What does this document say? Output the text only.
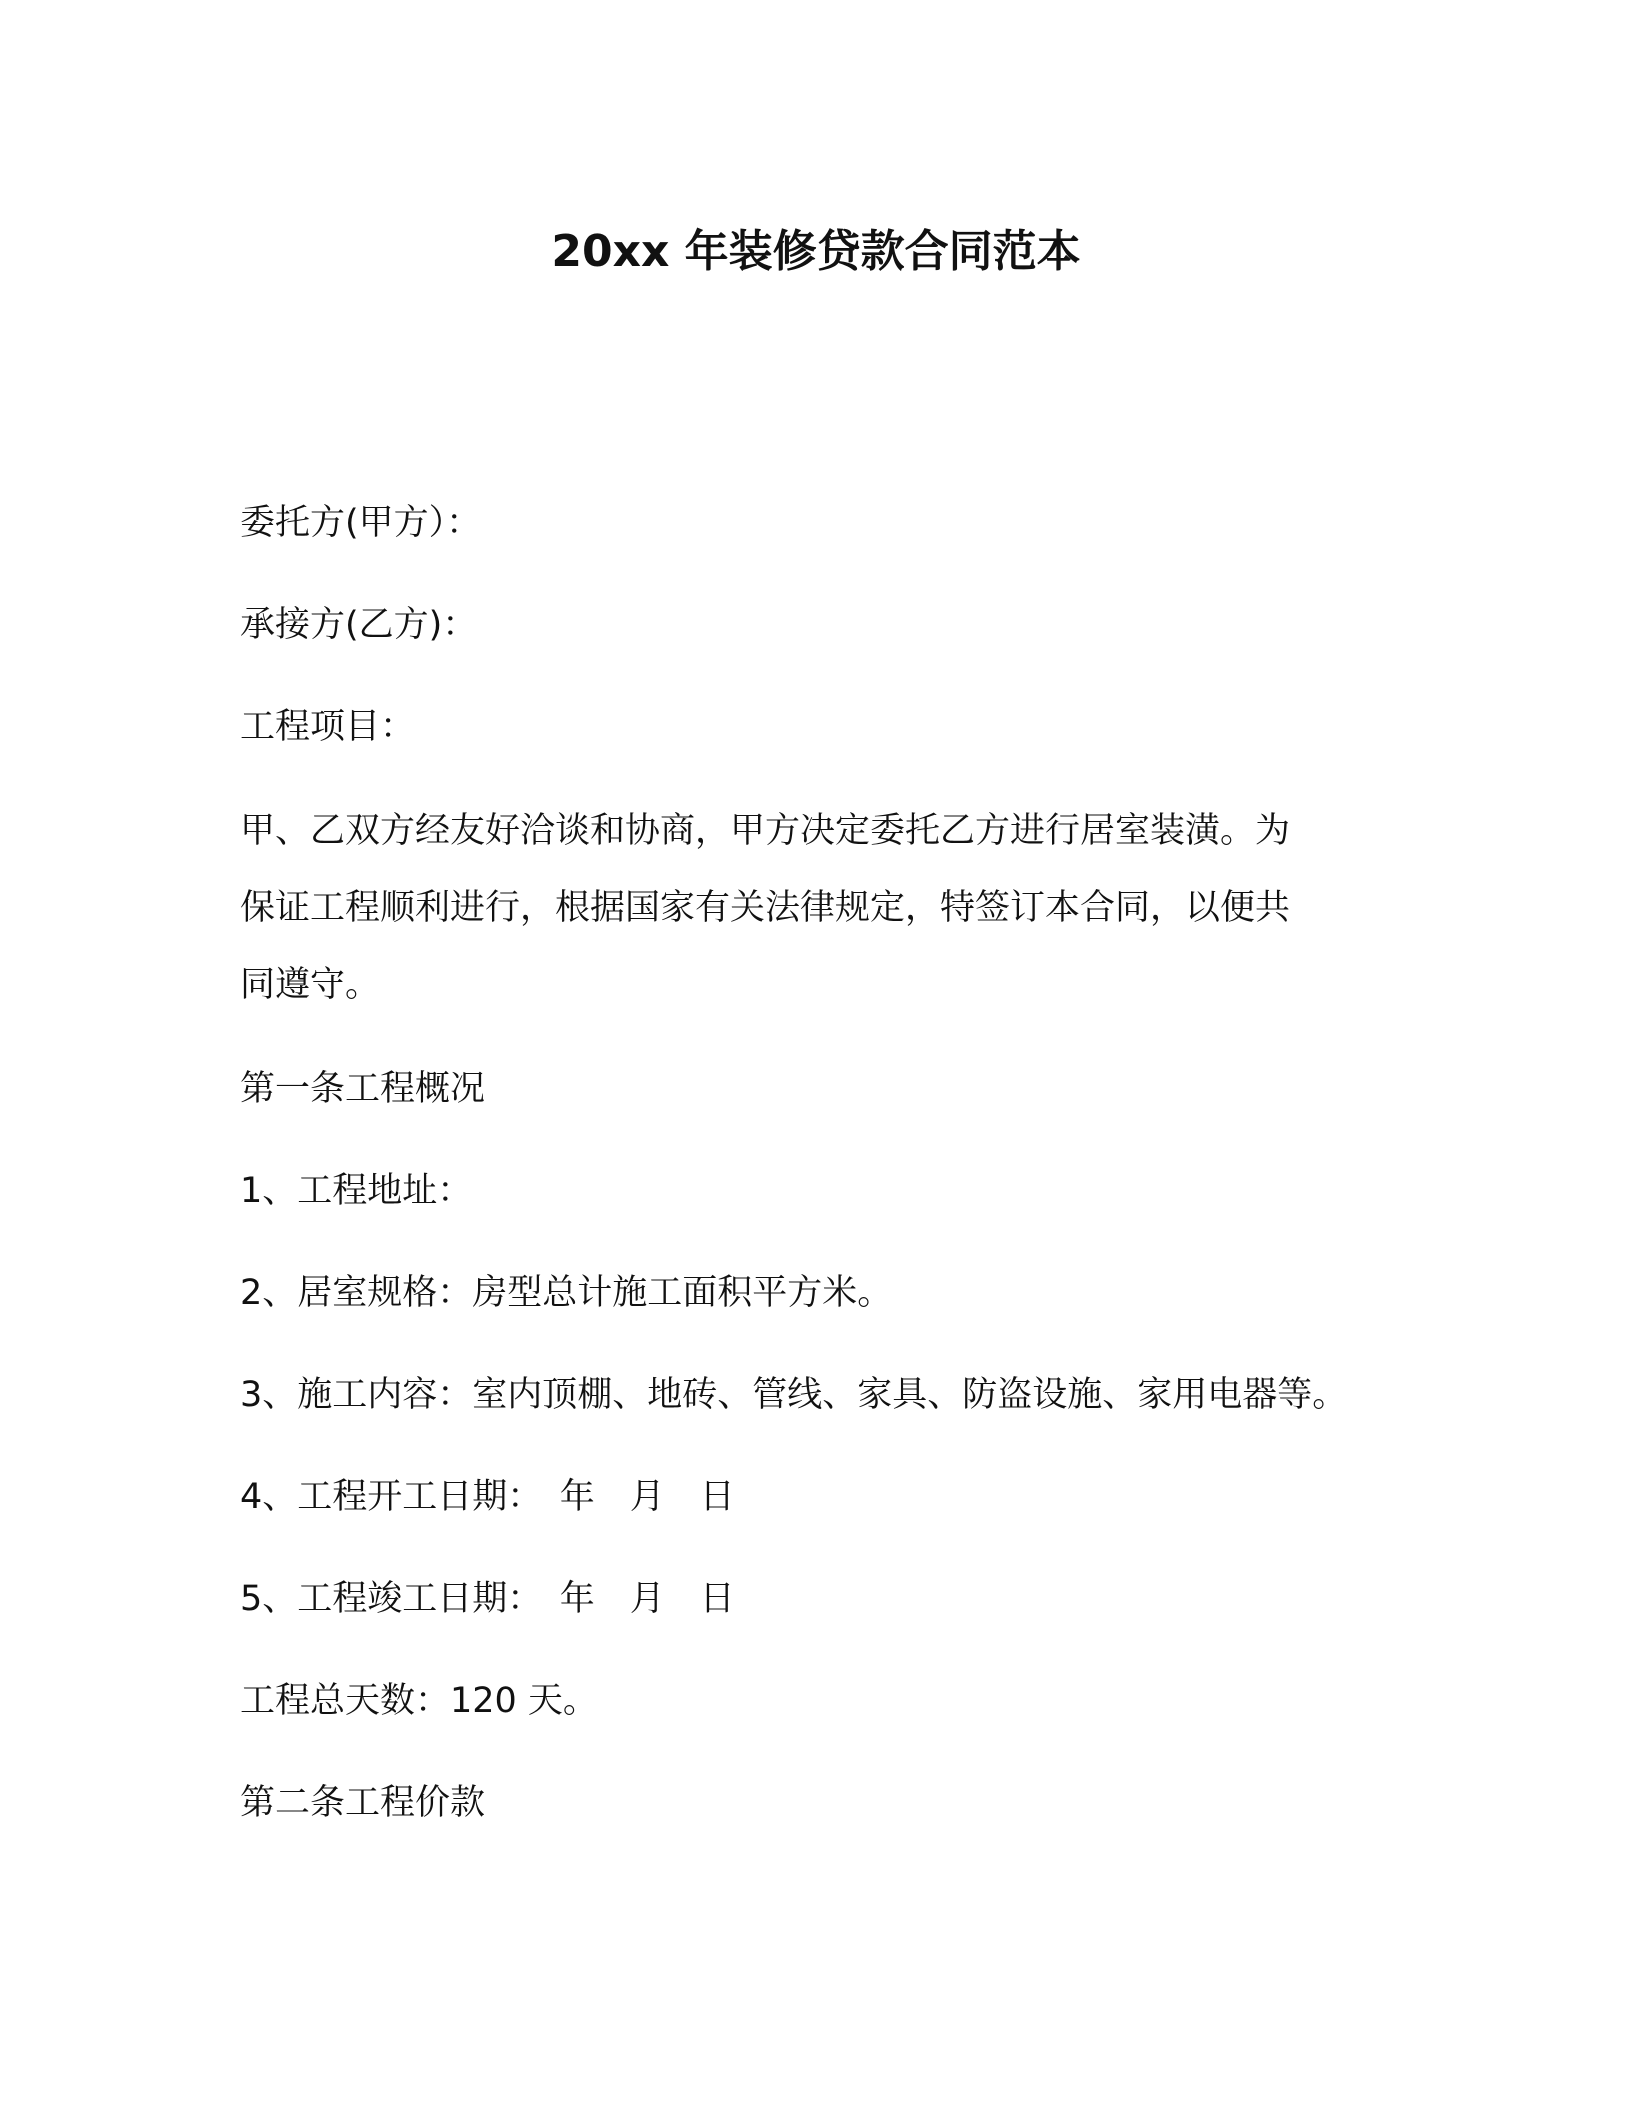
20xx 年装修贷款合同范本
委托方(甲方）：
承接方(乙方)：
工程项目：
甲、乙双方经友好洽谈和协商，甲方决定委托乙方进行居室装潢。为
保证工程顺利进行，根据国家有关法律规定，特签订本合同，以便共
同遵守。
第一条工程概况
1、工程地址：
2、居室规格：房型总计施工面积平方米。
3、施工内容：室内顶棚、地砖、管线、家具、防盗设施、家用电器等。
4、工程开工日期：　年　月　日
5、工程竣工日期：　年　月　日
工程总天数：120 天。
第二条工程价款
